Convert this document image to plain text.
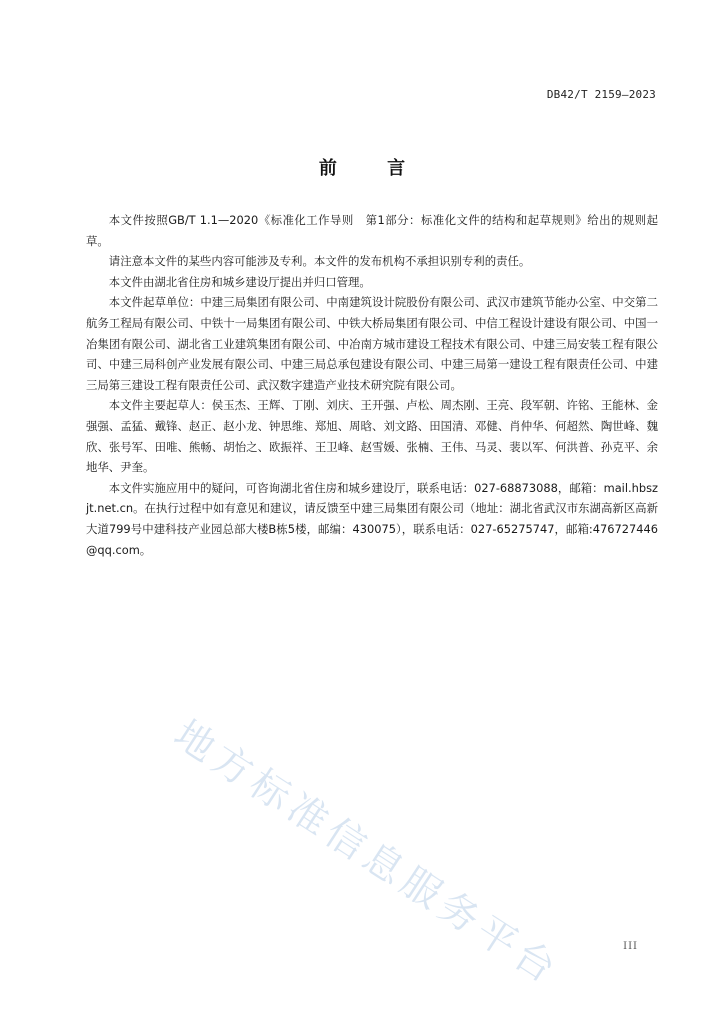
DB42/T 2159—2023
前 言

本文件按照GB/T 1.1—2020《标准化工作导则　第1部分：标准化文件的结构和起草规则》给出的规则起草。

请注意本文件的某些内容可能涉及专利。本文件的发布机构不承担识别专利的责任。

本文件由湖北省住房和城乡建设厅提出并归口管理。

本文件起草单位：中建三局集团有限公司、中南建筑设计院股份有限公司、武汉市建筑节能办公室、中交第二航务工程局有限公司、中铁十一局集团有限公司、中铁大桥局集团有限公司、中信工程设计建设有限公司、中国一冶集团有限公司、湖北省工业建筑集团有限公司、中冶南方城市建设工程技术有限公司、中建三局安装工程有限公司、中建三局科创产业发展有限公司、中建三局总承包建设有限公司、中建三局第一建设工程有限责任公司、中建三局第三建设工程有限责任公司、武汉数字建造产业技术研究院有限公司。

本文件主要起草人：侯玉杰、王辉、丁刚、刘庆、王开强、卢松、周杰刚、王亮、段军朝、许铭、王能林、金强强、孟猛、戴锋、赵正、赵小龙、钟思维、郑旭、周晗、刘文路、田国清、邓健、肖仲华、何超然、陶世峰、魏欣、张号军、田唯、熊畅、胡怡之、欧振祥、王卫峰、赵雪媛、张楠、王伟、马灵、裴以军、何洪普、孙克平、余地华、尹奎。

本文件实施应用中的疑问，可咨询湖北省住房和城乡建设厅，联系电话：027-68873088，邮箱：mail.hbszjt.net.cn。在执行过程中如有意见和建议，请反馈至中建三局集团有限公司（地址：湖北省武汉市东湖高新区高新大道799号中建科技产业园总部大楼B栋5楼，邮编：430075），联系电话：027-65275747，邮箱:476727446@qq.com。

地方标准信息服务平台	III
